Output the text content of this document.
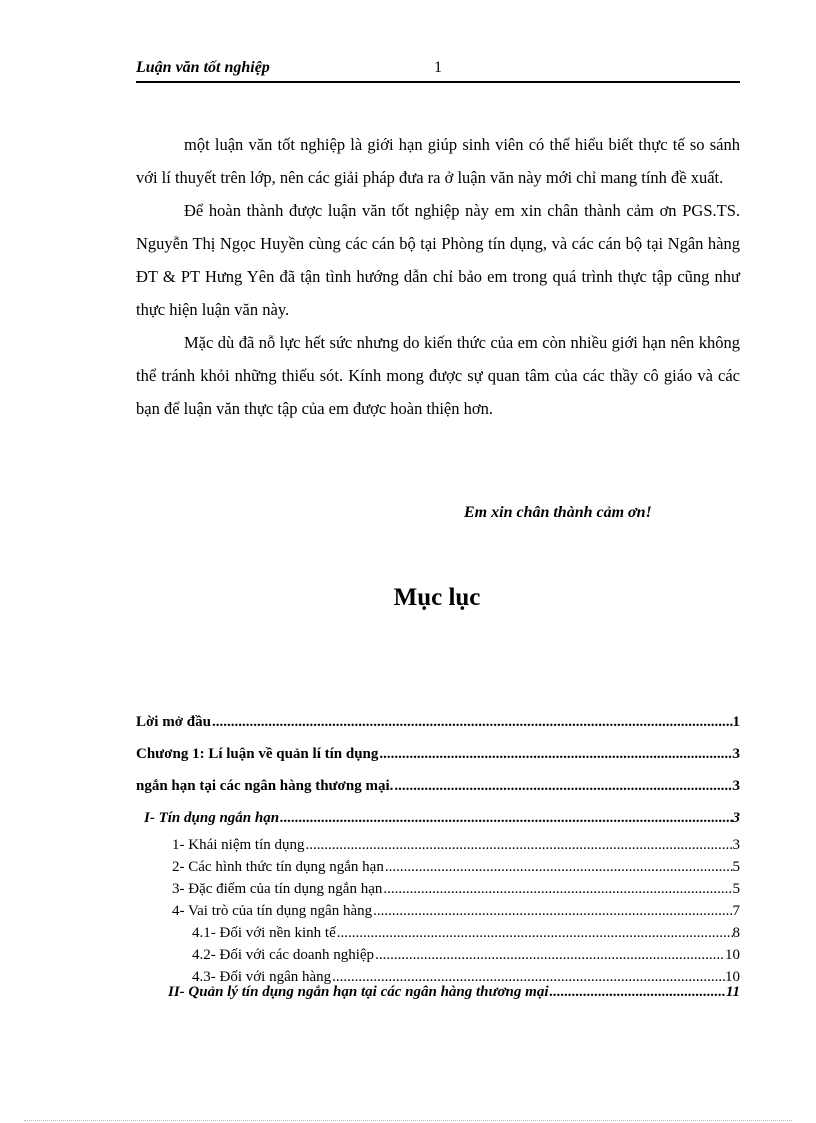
Luận văn tốt nghiệp	1

một luận văn tốt nghiệp là giới hạn giúp sinh viên có thể hiểu biết thực tế so sánh với lí thuyết trên lớp, nên các giải pháp đưa ra ở luận văn này mới chỉ mang tính đề xuất.

Để hoàn thành được luận văn tốt nghiệp này em xin chân thành cảm ơn PGS.TS. Nguyễn Thị Ngọc Huyền cùng các cán bộ tại Phòng tín dụng, và các cán bộ tại Ngân hàng ĐT & PT Hưng Yên đã tận tình hướng dẫn chỉ bảo em trong quá trình thực tập cũng như thực hiện luận văn này.

Mặc dù đã nỗ lực hết sức nhưng do kiến thức của em còn nhiều giới hạn nên không thể tránh khỏi những thiếu sót. Kính mong được sự quan tâm của các thầy cô giáo và các bạn để luận văn thực tập của em được hoàn thiện hơn.

Em xin chân thành cảm ơn!
Mục lục
Lời mở đầu .....	1
Chương 1: Lí luận về quản lí tín dụng .....	3
ngắn hạn tại các ngân hàng thương mại. .....	3
I- Tín dụng ngắn hạn .....	3
1- Khái niệm tín dụng .....	3
2- Các hình thức tín dụng ngắn hạn .....	5
3- Đặc điểm của tín dụng ngắn hạn .....	5
4- Vai trò của tín dụng ngân hàng .....	7
4.1- Đối với nền kinh tế .....	8
4.2- Đối với các doanh nghiệp .....	10
4.3- Đối với ngân hàng .....	10
II- Quản lý tín dụng ngắn hạn tại các ngân hàng thương mại .....	11
